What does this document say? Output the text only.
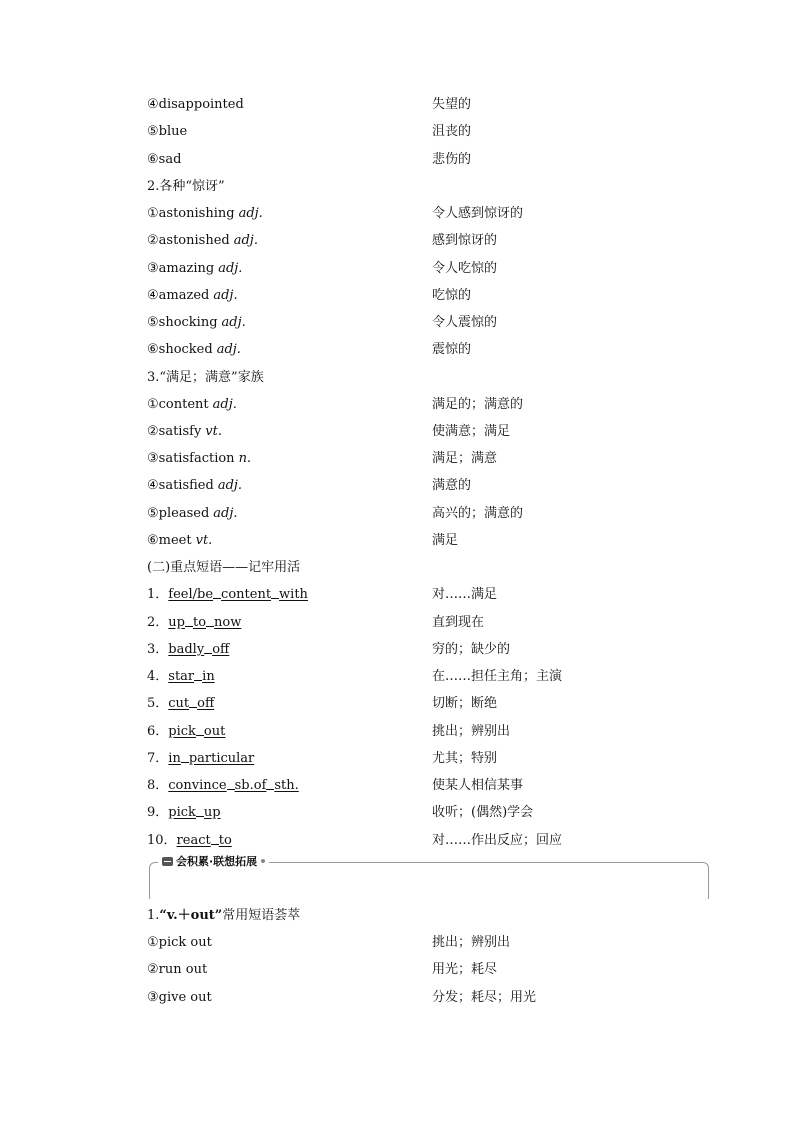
④disappointed	失望的
⑤blue	沮丧的
⑥sad	悲伤的
2.各种“惊讶”
①astonishing adj.	令人感到惊讶的
②astonished adj.	感到惊讶的
③amazing adj.	令人吃惊的
④amazed adj.	吃惊的
⑤shocking adj.	令人震惊的
⑥shocked adj.	震惊的
3.“满足；满意”家族
①content adj.	满足的；满意的
②satisfy vt.	使满意；满足
③satisfaction n.	满足；满意
④satisfied adj.	满意的
⑤pleased adj.	高兴的；满意的
⑥meet vt.	满足
(二)重点短语——记牢用活
1．feel/be content with	对……满足
2．up to now	直到现在
3．badly off	穷的；缺少的
4．star in	在……担任主角；主演
5．cut off	切断；断绝
6．pick out	挑出；辨别出
7．in particular	尤其；特别
8．convince sb.of sth.	使某人相信某事
9．pick up	收听；(偶然)学会
10．react to	对……作出反应；回应
会积累·联想拓展
1.“v.＋out”常用短语荟萃
①pick out	挑出；辨别出
②run out	用光；耗尽
③give out	分发；耗尽；用光
